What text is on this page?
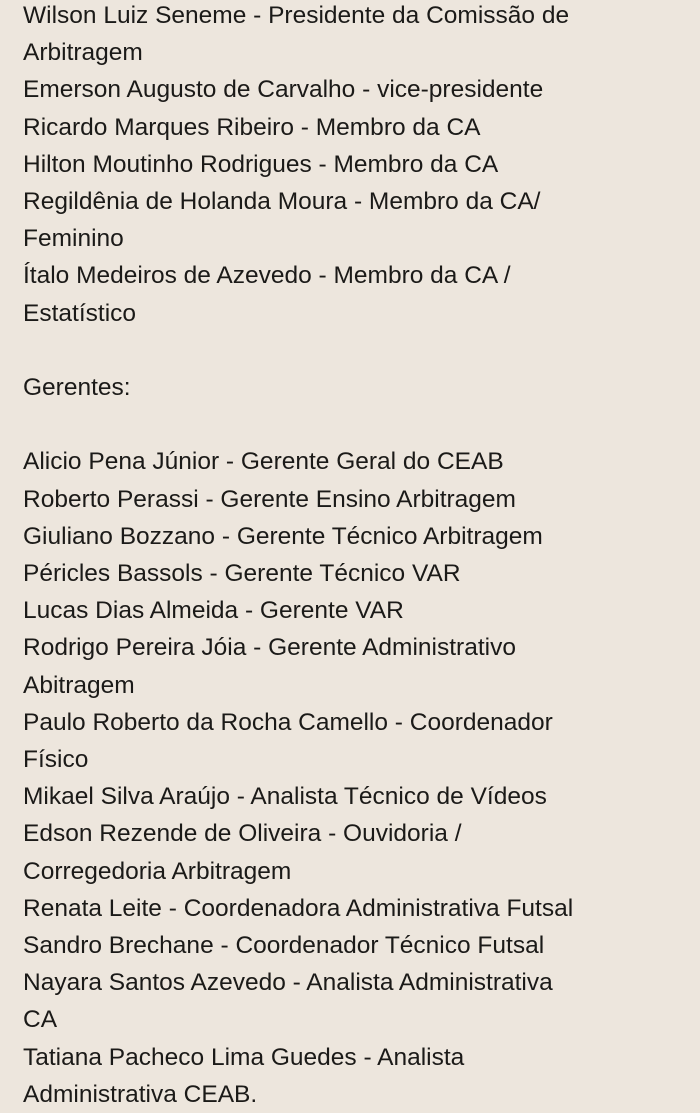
Wilson Luiz Seneme - Presidente da Comissão de
Arbitragem
Emerson Augusto de Carvalho - vice-presidente
Ricardo Marques Ribeiro - Membro da CA
Hilton Moutinho Rodrigues - Membro da CA
Regildênia de Holanda Moura - Membro da CA/
Feminino
Ítalo Medeiros de Azevedo - Membro da CA /
Estatístico
Gerentes:
Alicio Pena Júnior - Gerente Geral do CEAB
Roberto Perassi - Gerente Ensino Arbitragem
Giuliano Bozzano - Gerente Técnico Arbitragem
Péricles Bassols - Gerente Técnico VAR
Lucas Dias Almeida - Gerente VAR
Rodrigo Pereira Jóia - Gerente Administrativo
Abitragem
Paulo Roberto da Rocha Camello - Coordenador
Físico
Mikael Silva Araújo - Analista Técnico de Vídeos
Edson Rezende de Oliveira - Ouvidoria /
Corregedoria Arbitragem
Renata Leite - Coordenadora Administrativa Futsal
Sandro Brechane - Coordenador Técnico Futsal
Nayara Santos Azevedo - Analista Administrativa
CA
Tatiana Pacheco Lima Guedes - Analista
Administrativa CEAB.
